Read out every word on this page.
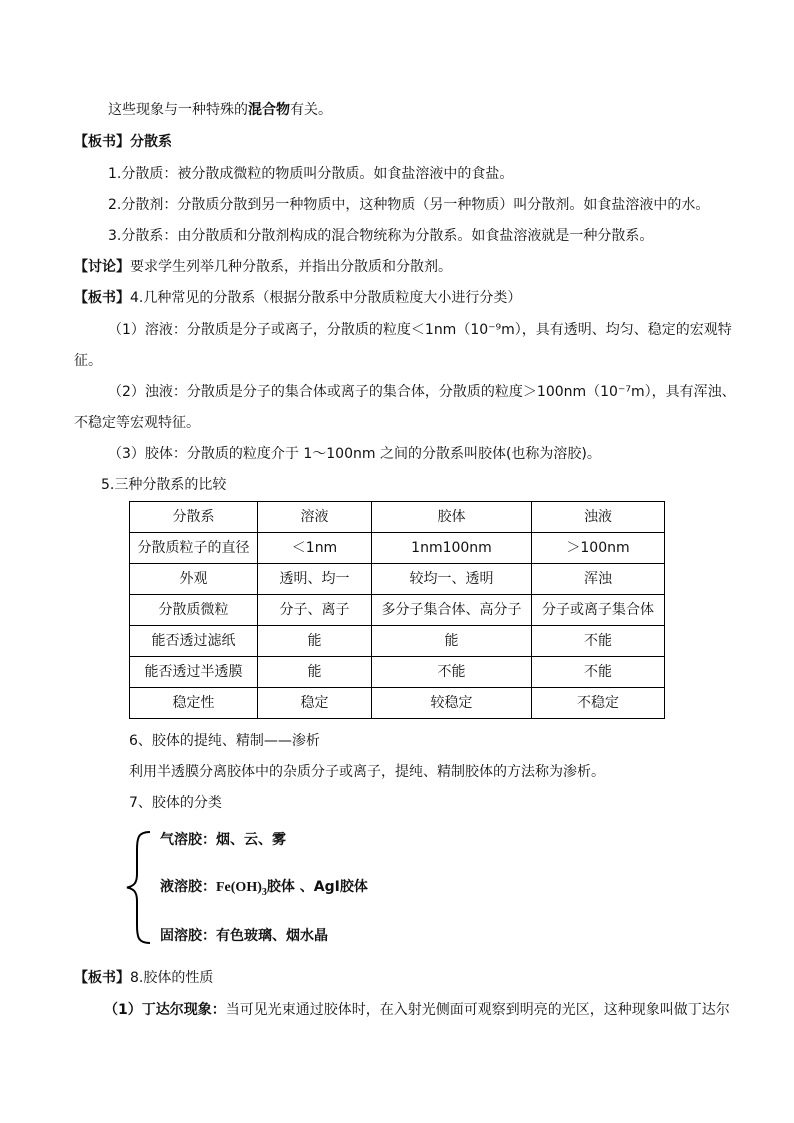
这些现象与一种特殊的混合物有关。
【板书】分散系
1.分散质：被分散成微粒的物质叫分散质。如食盐溶液中的食盐。
2.分散剂：分散质分散到另一种物质中，这种物质（另一种物质）叫分散剂。如食盐溶液中的水。
3.分散系：由分散质和分散剂构成的混合物统称为分散系。如食盐溶液就是一种分散系。
【讨论】要求学生列举几种分散系，并指出分散质和分散剂。
【板书】4.几种常见的分散系（根据分散系中分散质粒度大小进行分类）
（1）溶液：分散质是分子或离子，分散质的粒度＜1nm（10⁻⁹m），具有透明、均匀、稳定的宏观特
征。
（2）浊液：分散质是分子的集合体或离子的集合体，分散质的粒度＞100nm（10⁻⁷m），具有浑浊、
不稳定等宏观特征。
（3）胶体：分散质的粒度介于 1～100nm 之间的分散系叫胶体(也称为溶胶)。
5.三种分散系的比较
分散系	溶液	胶体	浊液
分散质粒子的直径	＜1nm	1nm100nm	＞100nm
外观	透明、均一	较均一、透明	浑浊
分散质微粒	分子、离子	多分子集合体、高分子	分子或离子集合体
能否透过滤纸	能	能	不能
能否透过半透膜	能	不能	不能
稳定性	稳定	较稳定	不稳定
6、胶体的提纯、精制——渗析
利用半透膜分离胶体中的杂质分子或离子，提纯、精制胶体的方法称为渗析。
7、胶体的分类
气溶胶：烟、云、雾
液溶胶：$Fe(OH)_3$胶体 、AgI胶体
固溶胶：有色玻璃、烟水晶
【板书】8.胶体的性质
（1）丁达尔现象：当可见光束通过胶体时，在入射光侧面可观察到明亮的光区，这种现象叫做丁达尔
